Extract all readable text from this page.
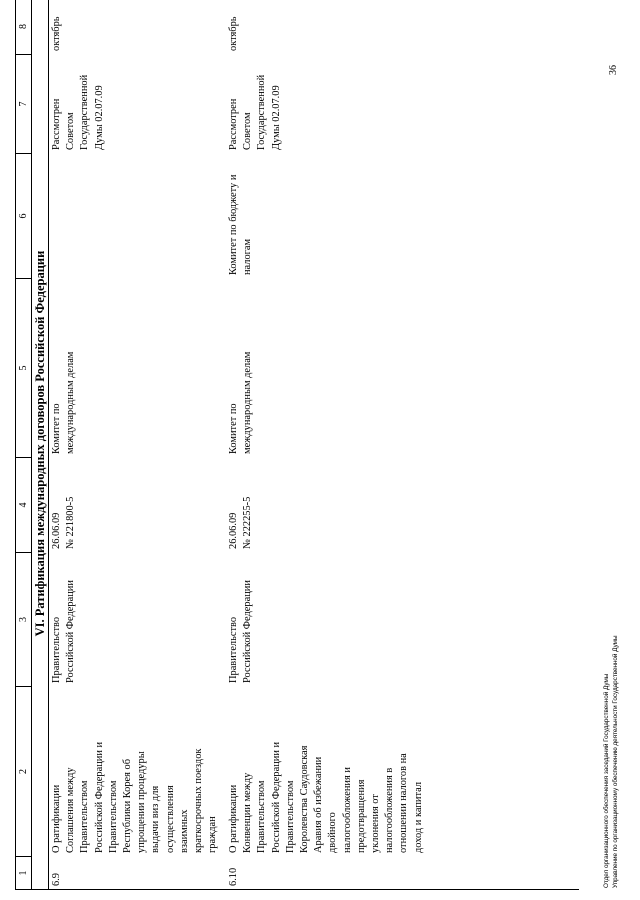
1
2
3
4
5
6
7
8
VI. Ратификация международных договоров Российской Федерации
6.9
О ратификации
Соглашения между
Правительством
Российской Федерации и
Правительством
Республики Корея об
упрощении процедуры
выдачи виз для
осуществления
взаимных
краткосрочных поездок
граждан
Правительство
Российской Федерации
26.06.09
№ 221800-5
Комитет по
международным делам
Рассмотрен
Советом
Государственной
Думы 02.07.09
октябрь
6.10
О ратификации
Конвенции между
Правительством
Российской Федерации и
Правительством
Королевства Саудовская
Аравия об избежании
двойного
налогообложения и
предотвращения
уклонения от
налогообложения в
отношении налогов на
доход и капитал
Правительство
Российской Федерации
26.06.09
№ 222255-5
Комитет по
международным делам
Комитет по бюджету и
налогам
Рассмотрен
Советом
Государственной
Думы 02.07.09
октябрь
Отдел организационного обеспечения заседаний Государственной Думы Управление по организационному обеспечению деятельности Государственной Думы
36
